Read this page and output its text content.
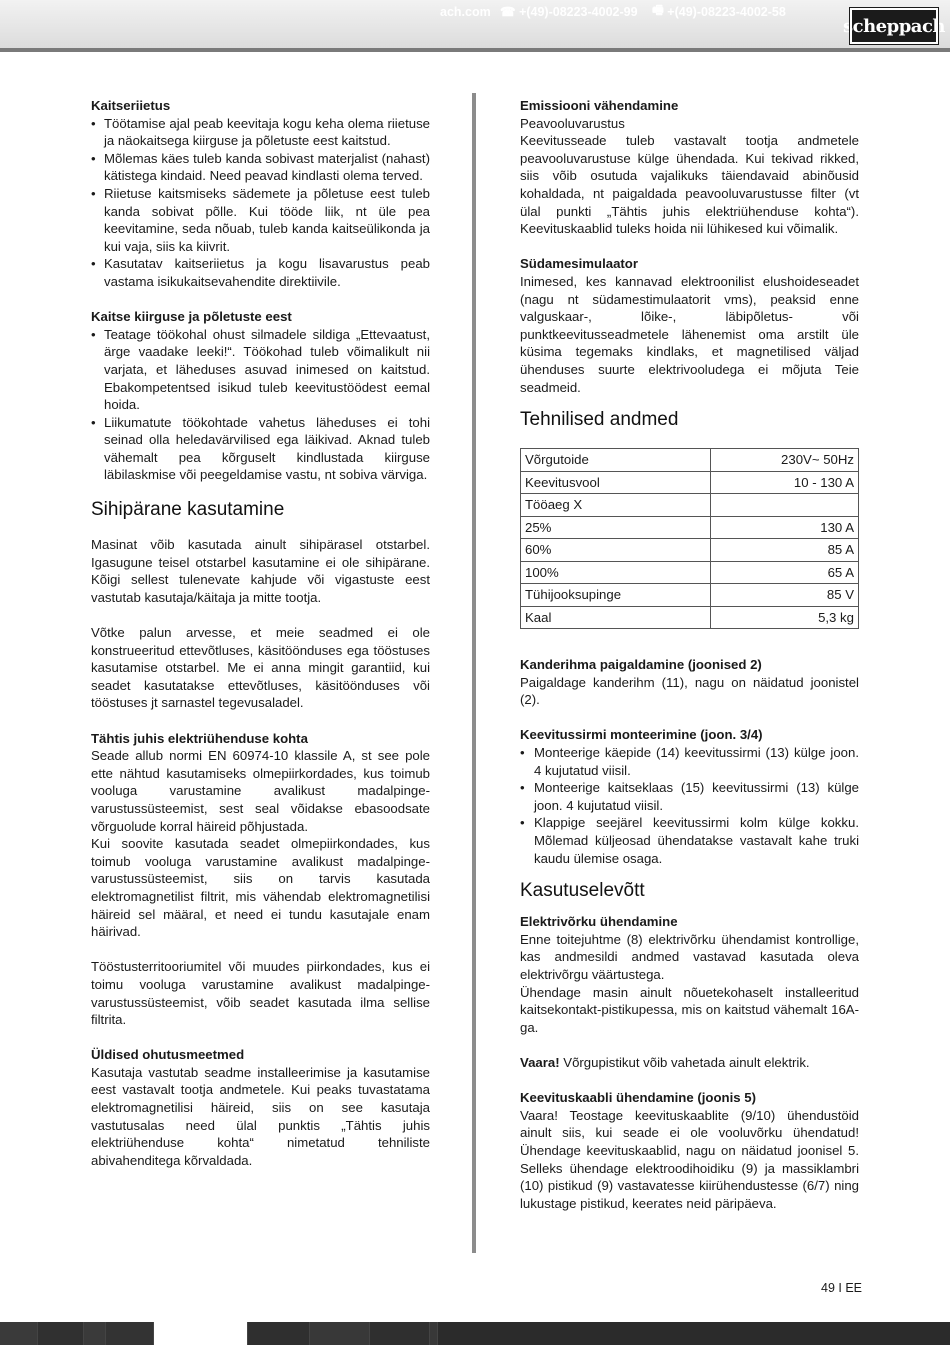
scheppach
Kaitseriietus
• Töötamise ajal peab keevitaja kogu keha olema riietuse ja näokaitsega kiirguse ja põletuste eest kaitstud.
• Mõlemas käes tuleb kanda sobivast materjalist (nahast) kätistega kindaid. Need peavad kindlasti olema terved.
• Riietuse kaitsmiseks sädemete ja põletuse eest tuleb kanda sobivat põlle. Kui tööde liik, nt üle pea keevitamine, seda nõuab, tuleb kanda kaitseülikonda ja kui vaja, siis ka kiivrit.
• Kasutatav kaitseriietus ja kogu lisavarustus peab vastama isikukaitsevahendite direktiivile.
Kaitse kiirguse ja põletuste eest
• Teatage töökohal ohust silmadele sildiga „Ettevaatust, ärge vaadake leeki!“. Töökohad tuleb võimalikult nii varjata, et läheduses asuvad inimesed on kaitstud. Ebakompetentsed isikud tuleb keevitustöödest eemal hoida.
• Liikumatute töökohtade vahetus läheduses ei tohi seinad olla heledavärvilised ega läikivad. Aknad tuleb vähemalt pea kõrguselt kindlustada kiirguse läbilaskmise või peegeldamise vastu, nt sobiva värviga.
Sihipärane kasutamine

Masinat võib kasutada ainult sihipärasel otstarbel. Igasugune teisel otstarbel kasutamine ei ole sihipärane. Kõigi sellest tulenevate kahjude või vigastuste eest vastutab kasutaja/käitaja ja mitte tootja.

Võtke palun arvesse, et meie seadmed ei ole konstrueeritud ettevõtluses, käsitöönduses ega tööstuses kasutamise otstarbel. Me ei anna mingit garantiid, kui seadet kasutatakse ettevõtluses, käsitöönduses või tööstuses jt sarnastel tegevusaladel.

Tähtis juhis elektriühenduse kohta

Seade allub normi EN 60974-10 klassile A, st see pole ette nähtud kasutamiseks olmepiirkordades, kus toimub vooluga varustamine avalikust madalpinge-varustussüsteemist, sest seal võidakse ebasoodsate võrguolude korral häireid põhjustada.

Kui soovite kasutada seadet olmepiirkondades, kus toimub vooluga varustamine avalikust madalpinge-varustussüsteemist, siis on tarvis kasutada elektromagnetilist filtrit, mis vähendab elektromagnetilisi häireid sel määral, et need ei tundu kasutajale enam häirivad.

Tööstusterritooriumitel või muudes piirkondades, kus ei toimu vooluga varustamine avalikust madalpinge-varustussüsteemist, võib seadet kasutada ilma sellise filtrita.

Üldised ohutusmeetmed

Kasutaja vastutab seadme installeerimise ja kasutamise eest vastavalt tootja andmetele. Kui peaks tuvastatama elektromagnetilisi häireid, siis on see kasutaja vastutusalas need ülal punktis „Tähtis juhis elektriühenduse kohta“ nimetatud tehniliste abivahenditega kõrvaldada.

Emissiooni vähendamine

Peavooluvarustus

Keevitusseade tuleb vastavalt tootja andmetele peavooluvarustuse külge ühendada. Kui tekivad rikked, siis võib osutuda vajalikuks täiendavaid abinõusid kohaldada, nt paigaldada peavooluvarustusse filter (vt ülal punkti „Tähtis juhis elektriühenduse kohta“). Keevituskaablid tuleks hoida nii lühikesed kui võimalik.

Südamesimulaator

Inimesed, kes kannavad elektroonilist elushoideseadet (nagu nt südamestimulaatorit vms), peaksid enne valguskaar-, lõike-, läbipõletus- või punktkeevitusseadmetele lähenemist oma arstilt üle küsima tegemaks kindlaks, et magnetilised väljad ühenduses suurte elektrivooludega ei mõjuta Teie seadmeid.

Tehnilised andmed
Võrgutoide	230V~ 50Hz
Keevitusvool	10 - 130 A
Tööaeg X	
25%	130 A
60%	85 A
100%	65 A
Tühijooksupinge	85 V
Kaal	5,3 kg
Kanderihma paigaldamine (joonised 2)

Paigaldage kanderihm (11), nagu on näidatud joonistel (2).

Keevitussirmi monteerimine (joon. 3/4)
• Monteerige käepide (14) keevitussirmi (13) külge joon. 4 kujutatud viisil.
• Monteerige kaitseklaas (15) keevitussirmi (13) külge joon. 4 kujutatud viisil.
• Klappige seejärel keevitussirmi kolm külge kokku. Mõlemad küljeosad ühendatakse vastavalt kahe truki kaudu ülemise osaga.
Kasutuselevõtt
Elektrivõrku ühendamine

Enne toitejuhtme (8) elektrivõrku ühendamist kontrollige, kas andmesildi andmed vastavad kasutada oleva elektrivõrgu väärtustega.

Ühendage masin ainult nõuetekohaselt installeeritud kaitsekontakt-pistikupessa, mis on kaitstud vähemalt 16A-ga.

Vaara! Võrgupistikut võib vahetada ainult elektrik.

Keevituskaabli ühendamine (joonis 5)

Vaara! Teostage keevituskaablite (9/10) ühendustöid ainult siis, kui seade ei ole vooluvõrku ühendatud! Ühendage keevituskaablid, nagu on näidatud joonisel 5. Selleks ühendage elektroodihoidiku (9) ja massiklambri (10) pistikud (9) vastavatesse kiirühendustesse (6/7) ning lukustage pistikud, keerates neid päripäeva.

49 I EE
ach.com ☎
+(49)-08223-4002-99 🖷
+(49)-08223-4002-58
